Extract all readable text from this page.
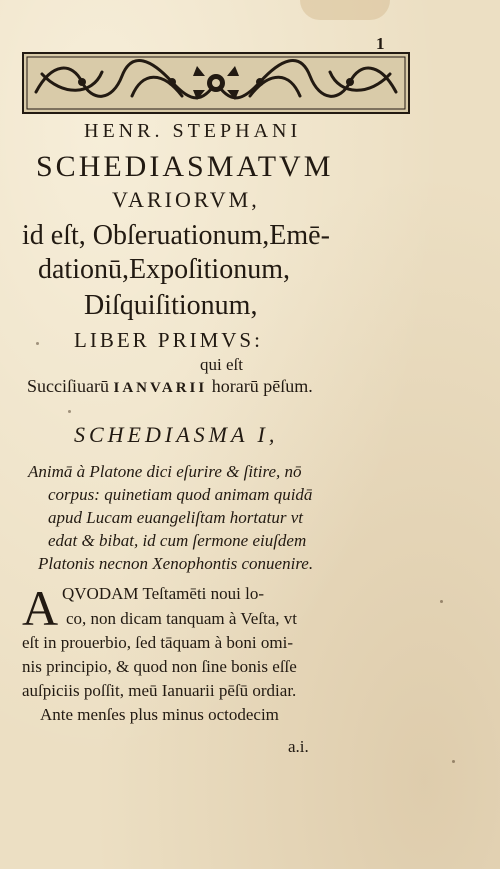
1
HENR. STEPHANI
SCHEDIASMATVM
VARIORVM,
id eſt, Obſeruationum,Emē-
dationū,Expoſitionum,
Diſquiſitionum,
LIBER PRIMVS:
qui eſt
Succiſiuarū IANVARII horarū pēſum.
SCHEDIASMA I,
Animā à Platone dici eſurire & ſitire, nō
corpus: quinetiam quod animam quidā
apud Lucam euangeliſtam hortatur vt
edat & bibat, id cum ſermone eiuſdem
Platonis necnon Xenophontis conuenire.
A QVODAM Teſtamēti noui lo-
co, non dicam tanquam à Veſta, vt
eſt in prouerbio, ſed tāquam à boni omi-
nis principio, & quod non ſine bonis eſſe
auſpiciis poſſit, meū Ianuarii pēſū ordiar.
Ante menſes plus minus octodecim
a.i.
